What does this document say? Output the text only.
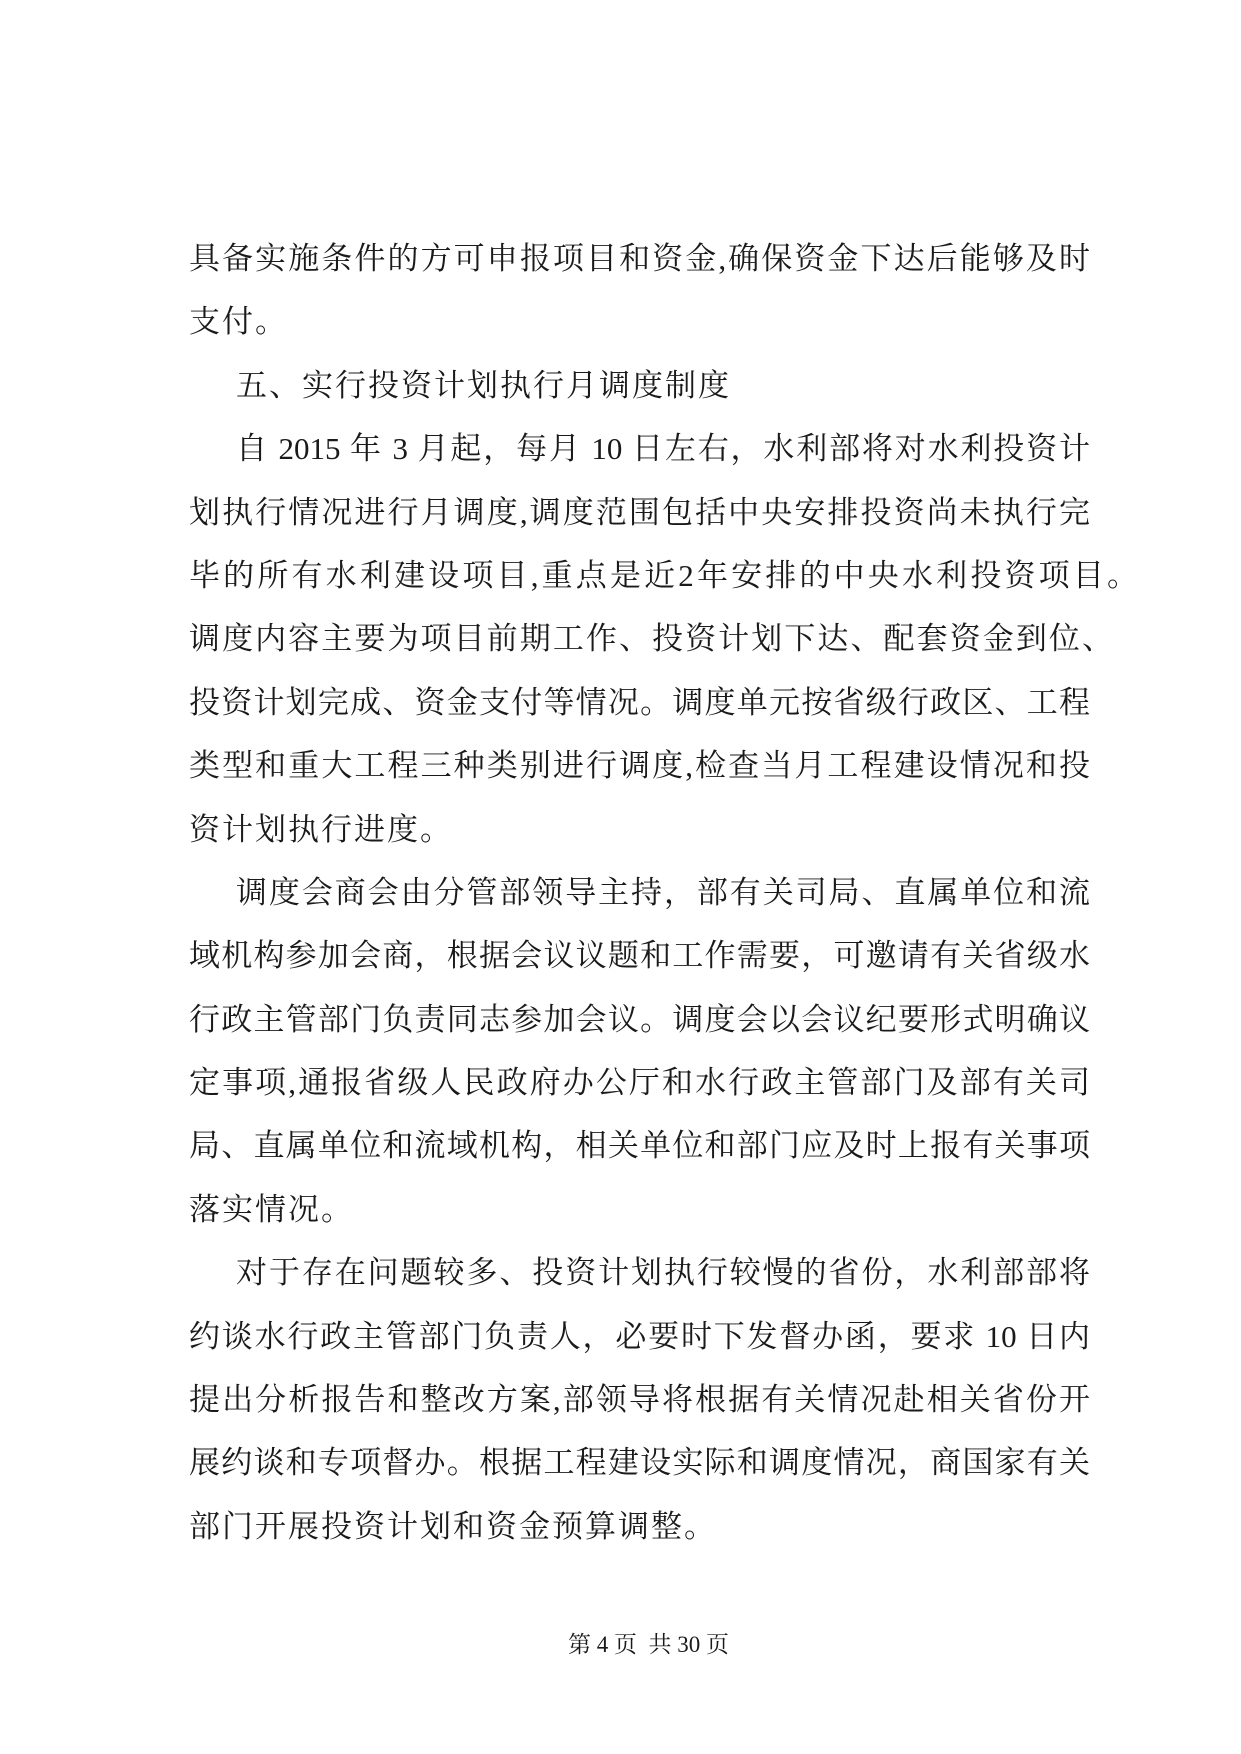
具备实施条件的方可申报项目和资金,确保资金下达后能够及时
支付。
五、实行投资计划执行月调度制度
自 2015 年 3 月起，每月 10 日左右，水利部将对水利投资计
划执行情况进行月调度,调度范围包括中央安排投资尚未执行完
毕的所有水利建设项目,重点是近2年安排的中央水利投资项目。
调度内容主要为项目前期工作、投资计划下达、配套资金到位、
投资计划完成、资金支付等情况。调度单元按省级行政区、工程
类型和重大工程三种类别进行调度,检查当月工程建设情况和投
资计划执行进度。
调度会商会由分管部领导主持，部有关司局、直属单位和流
域机构参加会商，根据会议议题和工作需要，可邀请有关省级水
行政主管部门负责同志参加会议。调度会以会议纪要形式明确议
定事项,通报省级人民政府办公厅和水行政主管部门及部有关司
局、直属单位和流域机构，相关单位和部门应及时上报有关事项
落实情况。
对于存在问题较多、投资计划执行较慢的省份，水利部部将
约谈水行政主管部门负责人，必要时下发督办函，要求 10 日内
提出分析报告和整改方案,部领导将根据有关情况赴相关省份开
展约谈和专项督办。根据工程建设实际和调度情况，商国家有关
部门开展投资计划和资金预算调整。
第 4 页  共 30 页
